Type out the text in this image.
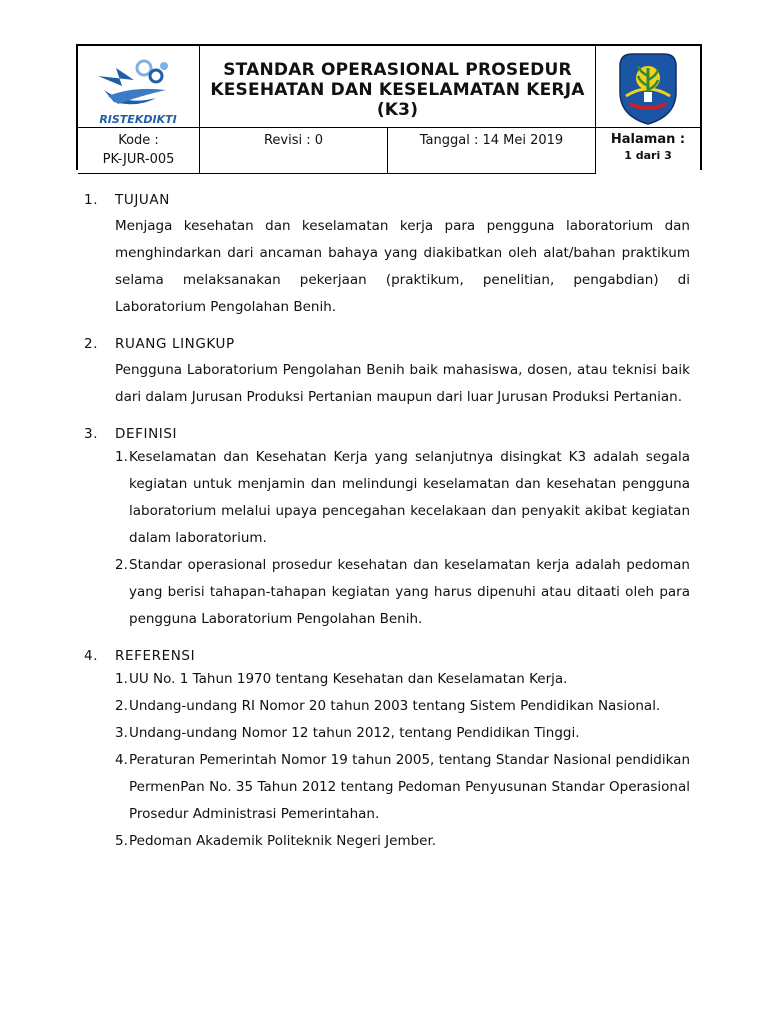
RISTEKDIKTI
STANDAR OPERASIONAL PROSEDUR
KESEHATAN DAN KESELAMATAN KERJA
(K3)
Kode :
PK-JUR-005
Revisi : 0	Tanggal : 14 Mei 2019	Halaman :
1 dari 3
1. TUJUAN
Menjaga kesehatan dan keselamatan kerja para pengguna laboratorium dan menghindarkan dari ancaman bahaya yang diakibatkan oleh alat/bahan praktikum selama melaksanakan pekerjaan (praktikum, penelitian, pengabdian) di Laboratorium Pengolahan Benih.
2. RUANG LINGKUP
Pengguna Laboratorium Pengolahan Benih baik mahasiswa, dosen, atau teknisi baik dari dalam Jurusan Produksi Pertanian maupun dari luar Jurusan Produksi Pertanian.
3. DEFINISI
1. Keselamatan dan Kesehatan Kerja yang selanjutnya disingkat K3 adalah segala kegiatan untuk menjamin dan melindungi keselamatan dan kesehatan pengguna laboratorium melalui upaya pencegahan kecelakaan dan penyakit akibat kegiatan dalam laboratorium.
2. Standar operasional prosedur kesehatan dan keselamatan kerja adalah pedoman yang berisi tahapan-tahapan kegiatan yang harus dipenuhi atau ditaati oleh para pengguna Laboratorium Pengolahan Benih.
4. REFERENSI
1. UU No. 1 Tahun 1970 tentang Kesehatan dan Keselamatan Kerja.
2. Undang-undang RI Nomor 20 tahun 2003 tentang Sistem Pendidikan Nasional.
3. Undang-undang Nomor 12 tahun 2012, tentang Pendidikan Tinggi.
4. Peraturan Pemerintah Nomor 19 tahun 2005, tentang Standar Nasional pendidikan PermenPan No. 35 Tahun 2012 tentang Pedoman Penyusunan Standar Operasional Prosedur Administrasi Pemerintahan.
5. Pedoman Akademik Politeknik Negeri Jember.
